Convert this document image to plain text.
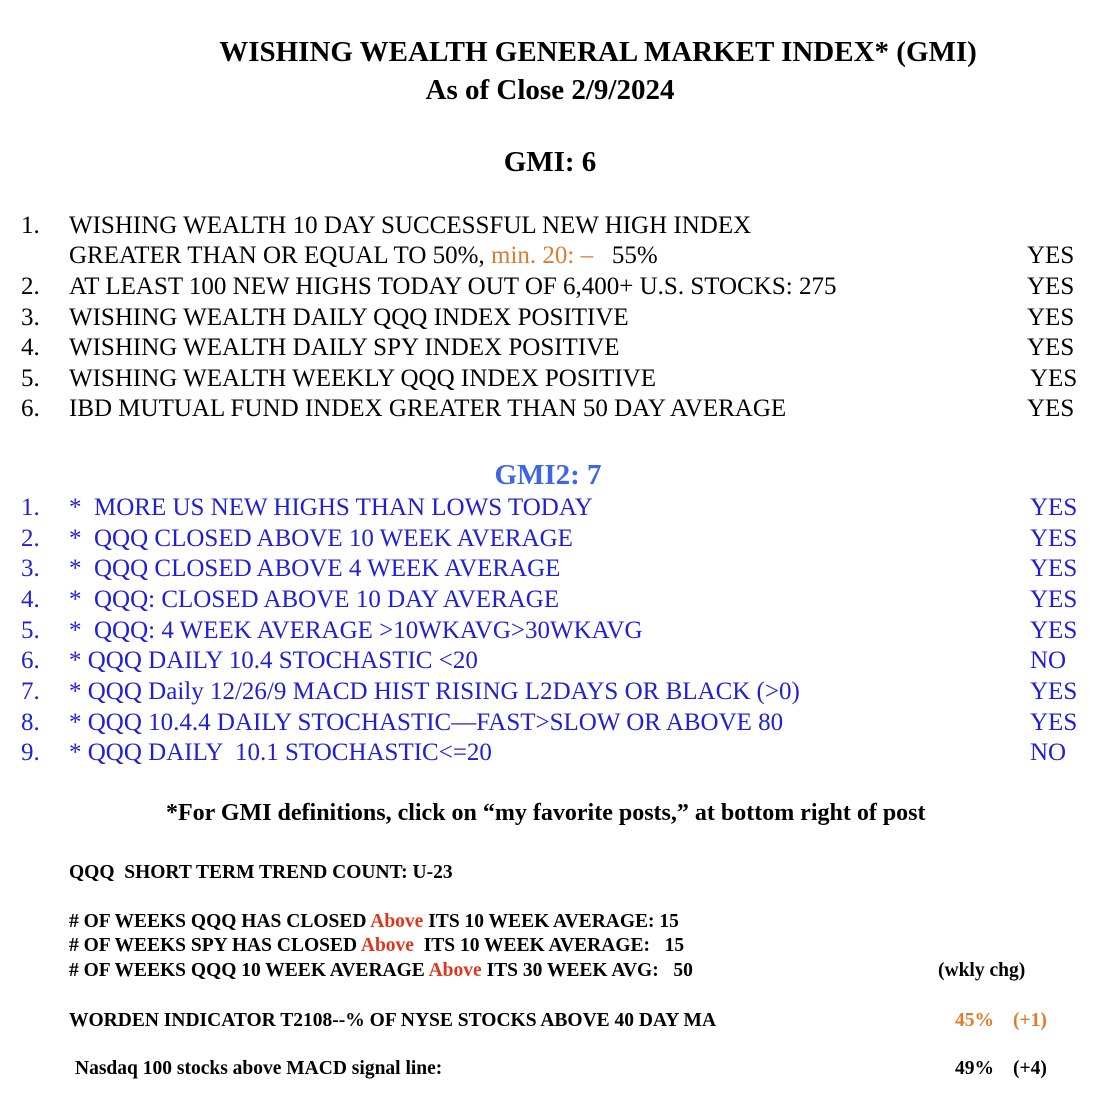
WISHING WEALTH GENERAL MARKET INDEX* (GMI)
As of Close 2/9/2024
GMI: 6
1. WISHING WEALTH 10 DAY SUCCESSFUL NEW HIGH INDEX
GREATER THAN OR EQUAL TO 50%, min. 20: – 55%	YES
2. AT LEAST 100 NEW HIGHS TODAY OUT OF 6,400+ U.S. STOCKS: 275	YES
3. WISHING WEALTH DAILY QQQ INDEX POSITIVE	YES
4. WISHING WEALTH DAILY SPY INDEX POSITIVE	YES
5. WISHING WEALTH WEEKLY QQQ INDEX POSITIVE	YES
6. IBD MUTUAL FUND INDEX GREATER THAN 50 DAY AVERAGE	YES
GMI2: 7
1. *  MORE US NEW HIGHS THAN LOWS TODAY	YES
2. *  QQQ CLOSED ABOVE 10 WEEK AVERAGE	YES
3. *  QQQ CLOSED ABOVE 4 WEEK AVERAGE	YES
4. *  QQQ: CLOSED ABOVE 10 DAY AVERAGE	YES
5. *  QQQ: 4 WEEK AVERAGE >10WKAVG>30WKAVG	YES
6. * QQQ DAILY 10.4 STOCHASTIC <20	NO
7. * QQQ Daily 12/26/9 MACD HIST RISING L2DAYS OR BLACK (>0)	YES
8. * QQQ 10.4.4 DAILY STOCHASTIC—FAST>SLOW OR ABOVE 80	YES
9. * QQQ DAILY  10.1 STOCHASTIC<=20	NO
*For GMI definitions, click on “my favorite posts,” at bottom right of post
QQQ  SHORT TERM TREND COUNT: U-23
# OF WEEKS QQQ HAS CLOSED Above ITS 10 WEEK AVERAGE: 15
# OF WEEKS SPY HAS CLOSED Above  ITS 10 WEEK AVERAGE:   15
# OF WEEKS QQQ 10 WEEK AVERAGE Above ITS 30 WEEK AVG:   50	(wkly chg)
WORDEN INDICATOR T2108--% OF NYSE STOCKS ABOVE 40 DAY MA	45% (+1)
Nasdaq 100 stocks above MACD signal line:	49% (+4)
